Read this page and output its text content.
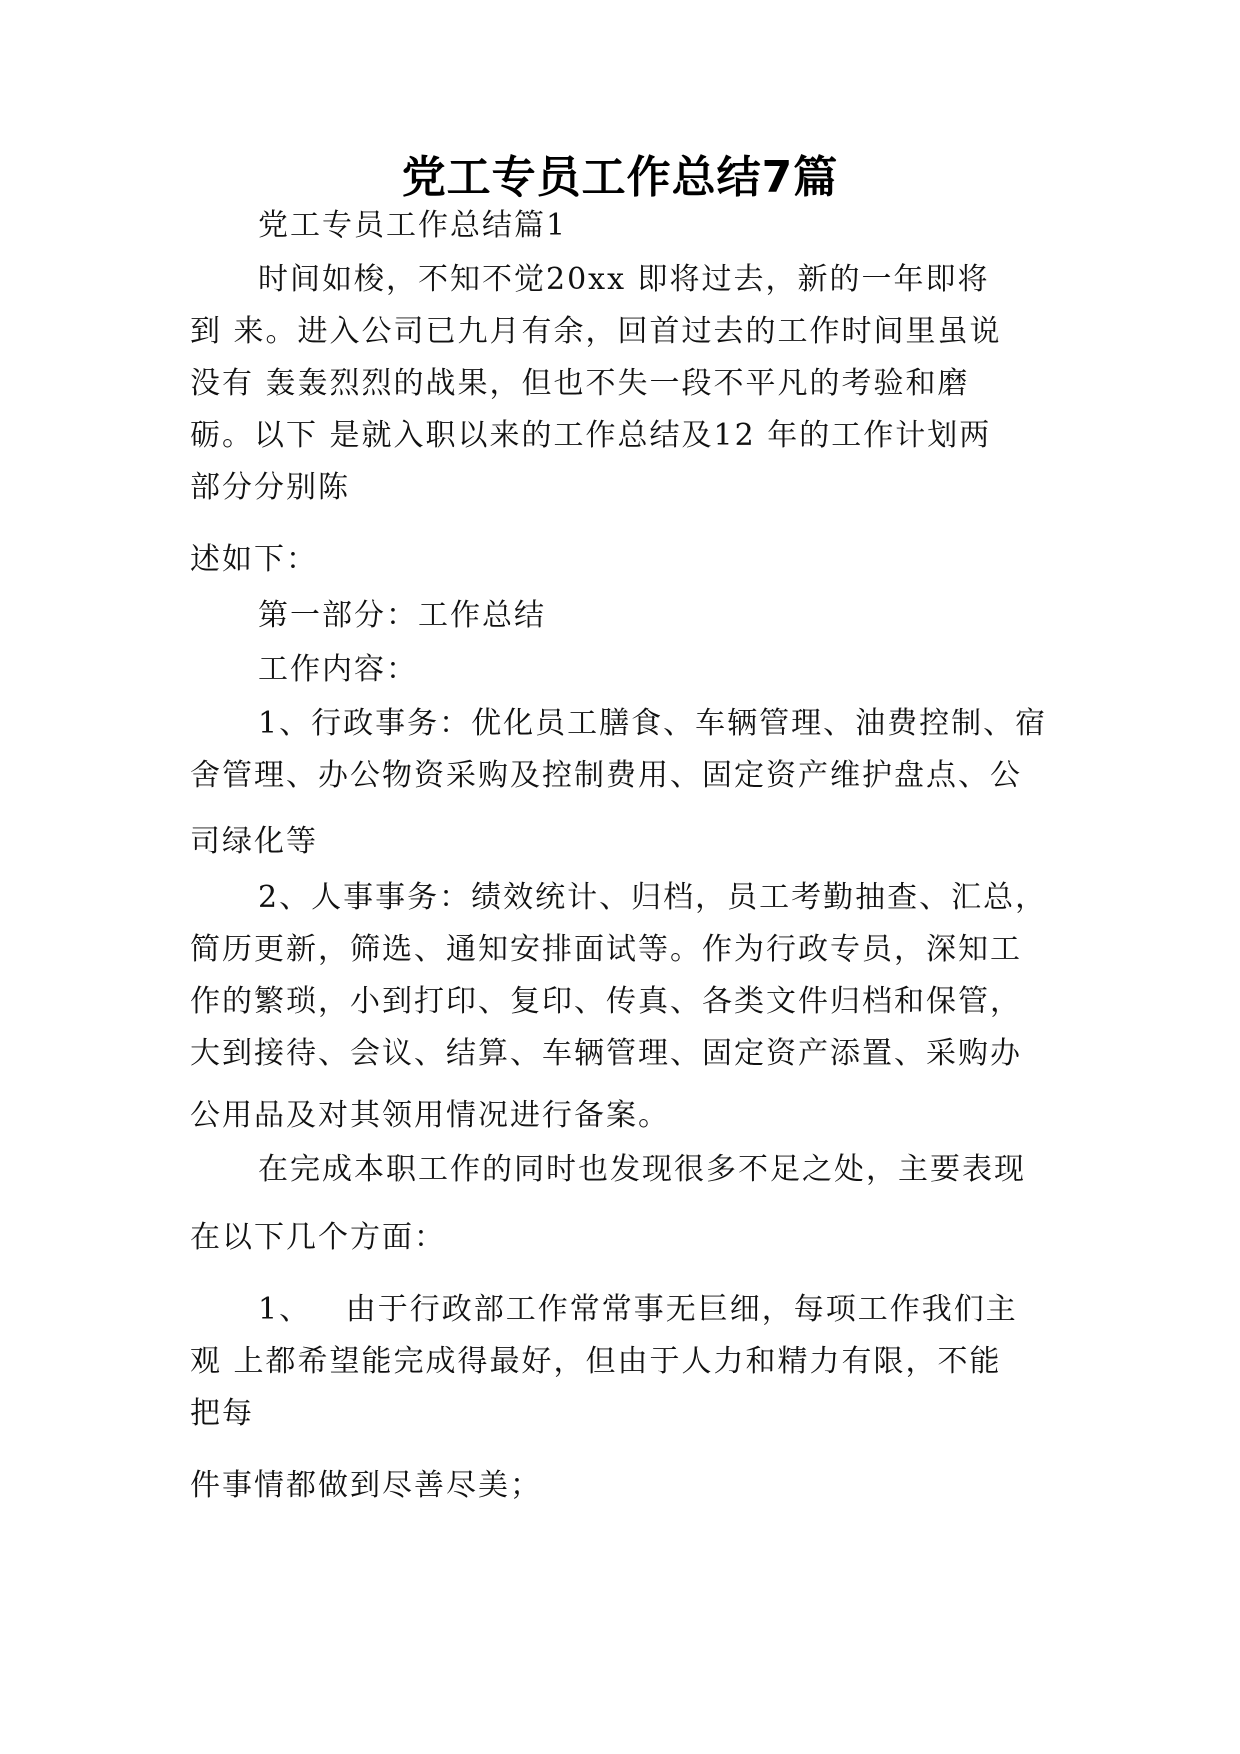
党工专员工作总结7篇
党工专员工作总结篇1
时间如梭，不知不觉20xx 即将过去，新的一年即将
到 来。进入公司已九月有余，回首过去的工作时间里虽说
没有 轰轰烈烈的战果，但也不失一段不平凡的考验和磨
砺。以下 是就入职以来的工作总结及12 年的工作计划两
部分分别陈
述如下：
第一部分：工作总结
工作内容：
1、行政事务：优化员工膳食、车辆管理、油费控制、宿
舍管理、办公物资采购及控制费用、固定资产维护盘点、公
司绿化等
2、人事事务：绩效统计、归档，员工考勤抽查、汇总，
简历更新，筛选、通知安排面试等。作为行政专员，深知工
作的繁琐，小到打印、复印、传真、各类文件归档和保管，
大到接待、会议、结算、车辆管理、固定资产添置、采购办
公用品及对其领用情况进行备案。
在完成本职工作的同时也发现很多不足之处，主要表现
在以下几个方面：
1、   由于行政部工作常常事无巨细，每项工作我们主
观 上都希望能完成得最好，但由于人力和精力有限，不能
把每
件事情都做到尽善尽美；
